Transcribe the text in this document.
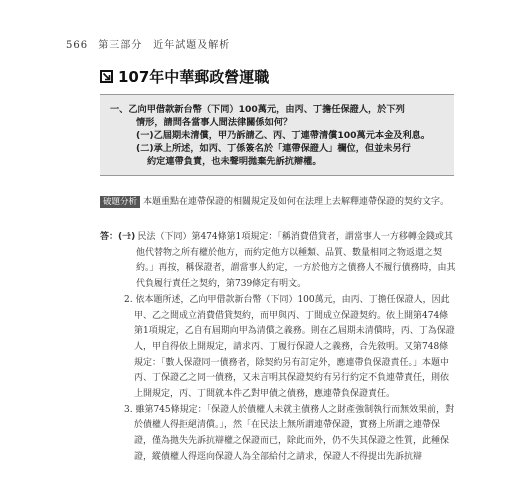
566 第三部分　近年試題及解析
107年中華郵政營運職
一、乙向甲借款新台幣（下同）100萬元，由丙、丁擔任保證人，於下列
情形，請問各當事人間法律關係如何？
(一)乙屆期未清償，甲乃訴請乙、丙、丁連帶清償100萬元本金及利息。
(二)承上所述，如丙、丁係簽名於「連帶保證人」欄位，但並未另行
約定連帶負責，也未聲明拋棄先訴抗辯權。
破題分析 本題重點在連帶保證的相關規定及如何在法理上去解釋連帶保證的契約文字。
答：(一)
1. 民法（下同）第474條第1項規定：「稱消費借貸者，謂當事人一方移轉金錢或其他代替物之所有權於他方，而約定他方以種類、品質、數量相同之物返還之契約。」再按，稱保證者，謂當事人約定，一方於他方之債務人不履行債務時，由其代負履行責任之契約，第739條定有明文。
2. 依本題所述，乙向甲借款新台幣（下同）100萬元，由丙、丁擔任保證人，因此甲、乙之間成立消費借貸契約，而甲與丙、丁間成立保證契約。依上開第474條第1項規定，乙自有屆期向甲為清償之義務。則在乙屆期未清償時，丙、丁為保證人，甲自得依上開規定，請求丙、丁履行保證人之義務，合先敘明。又第748條規定：「數人保證同一債務者，除契約另有訂定外，應連帶負保證責任。」本題中丙、丁保證乙之同一債務，又未言明其保證契約有另行約定不負連帶責任，則依上開規定，丙、丁間就本件乙對甲債之債務，應連帶負保證責任。
3. 雖第745條規定：「保證人於債權人未就主債務人之財產強制執行而無效果前，對於債權人得拒絕清償。」，然「在民法上無所謂連帶保證，實務上所謂之連帶保證，僅為拋失先訴抗辯權之保證而已，除此而外，仍不失其保證之性質，此種保證，縱債權人得逕向保證人為全部給付之請求，保證人不得提出先訴抗辯
